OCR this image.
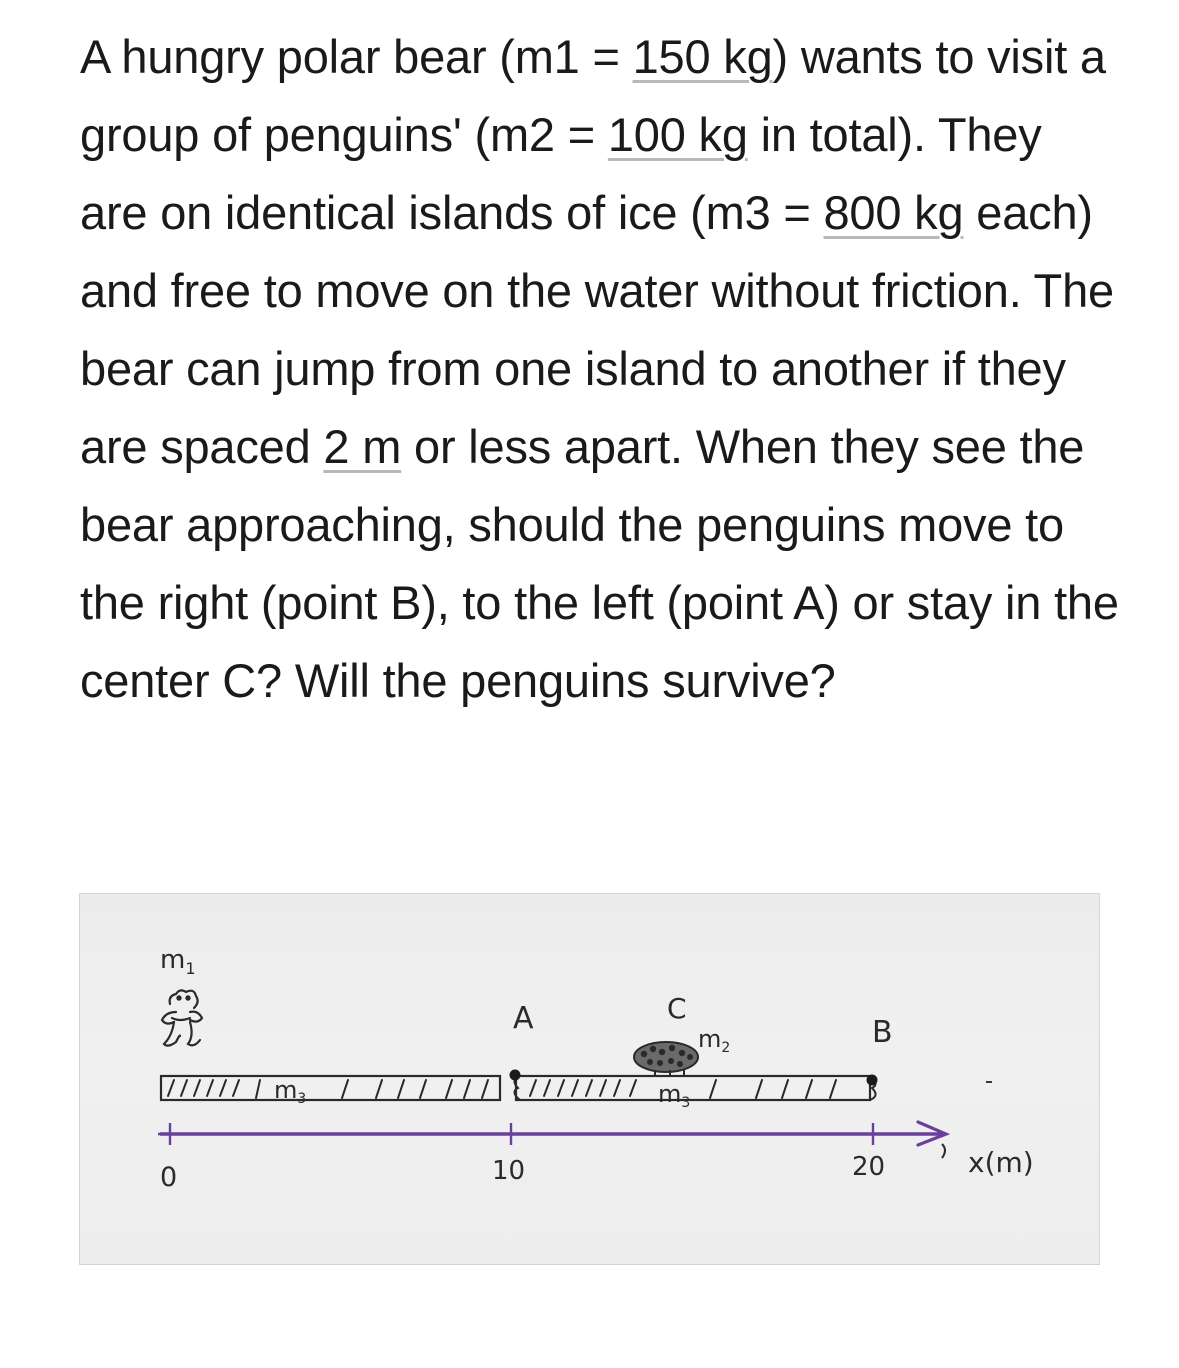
A hungry polar bear (m1 = 150 kg) wants to visit a group of penguins' (m2 = 100 kg in total). They are on identical islands of ice (m3 = 800 kg each) and free to move on the water without friction. The bear can jump from one island to another if they are spaced 2 m or less apart. When they see the bear approaching, should the penguins move to the right (point B), to the left (point A) or stay in the center C? Will the penguins survive?
$m_1$
0	10	20	x(m)
$m_3$	$m_3$
A	C
B
$m_2$
